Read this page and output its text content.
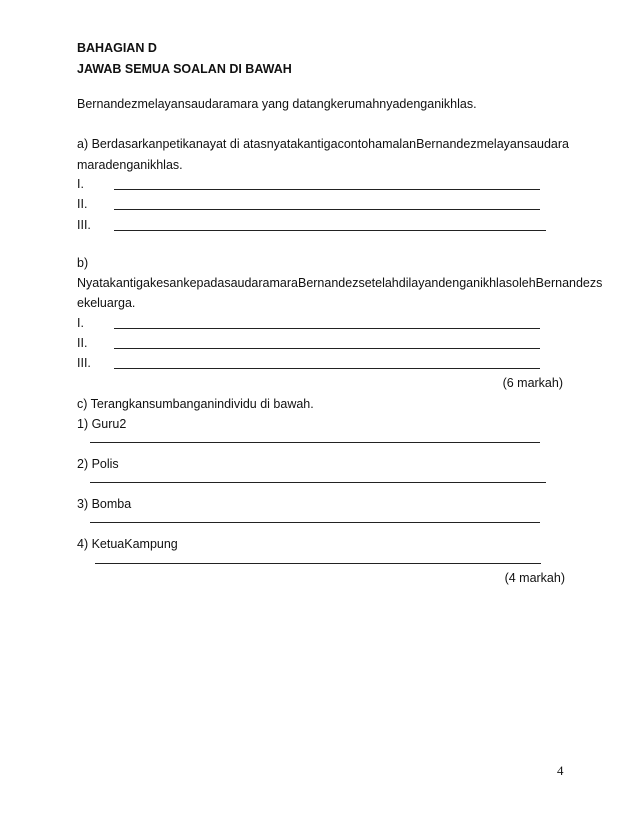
BAHAGIAN D
JAWAB SEMUA SOALAN DI BAWAH
Bernandezmelayansaudaramara yang datangkerumahnyadenganikhlas.
a) Berdasarkanpetikanayat di atasnyatakantigacontohamalanBernandezmelayansaudara
maradenganikhlas.
I.
II.
III.
b)
NyatakantigakesankepadasaudaramaraBernandezsetelahdilayandenganikhlasolehBernandezs
ekeluarga.
I.
II.
III.
(6 markah)
c) Terangkansumbanganindividu di bawah.
1) Guru2
2) Polis
3) Bomba
4) KetuaKampung
(4 markah)
4
